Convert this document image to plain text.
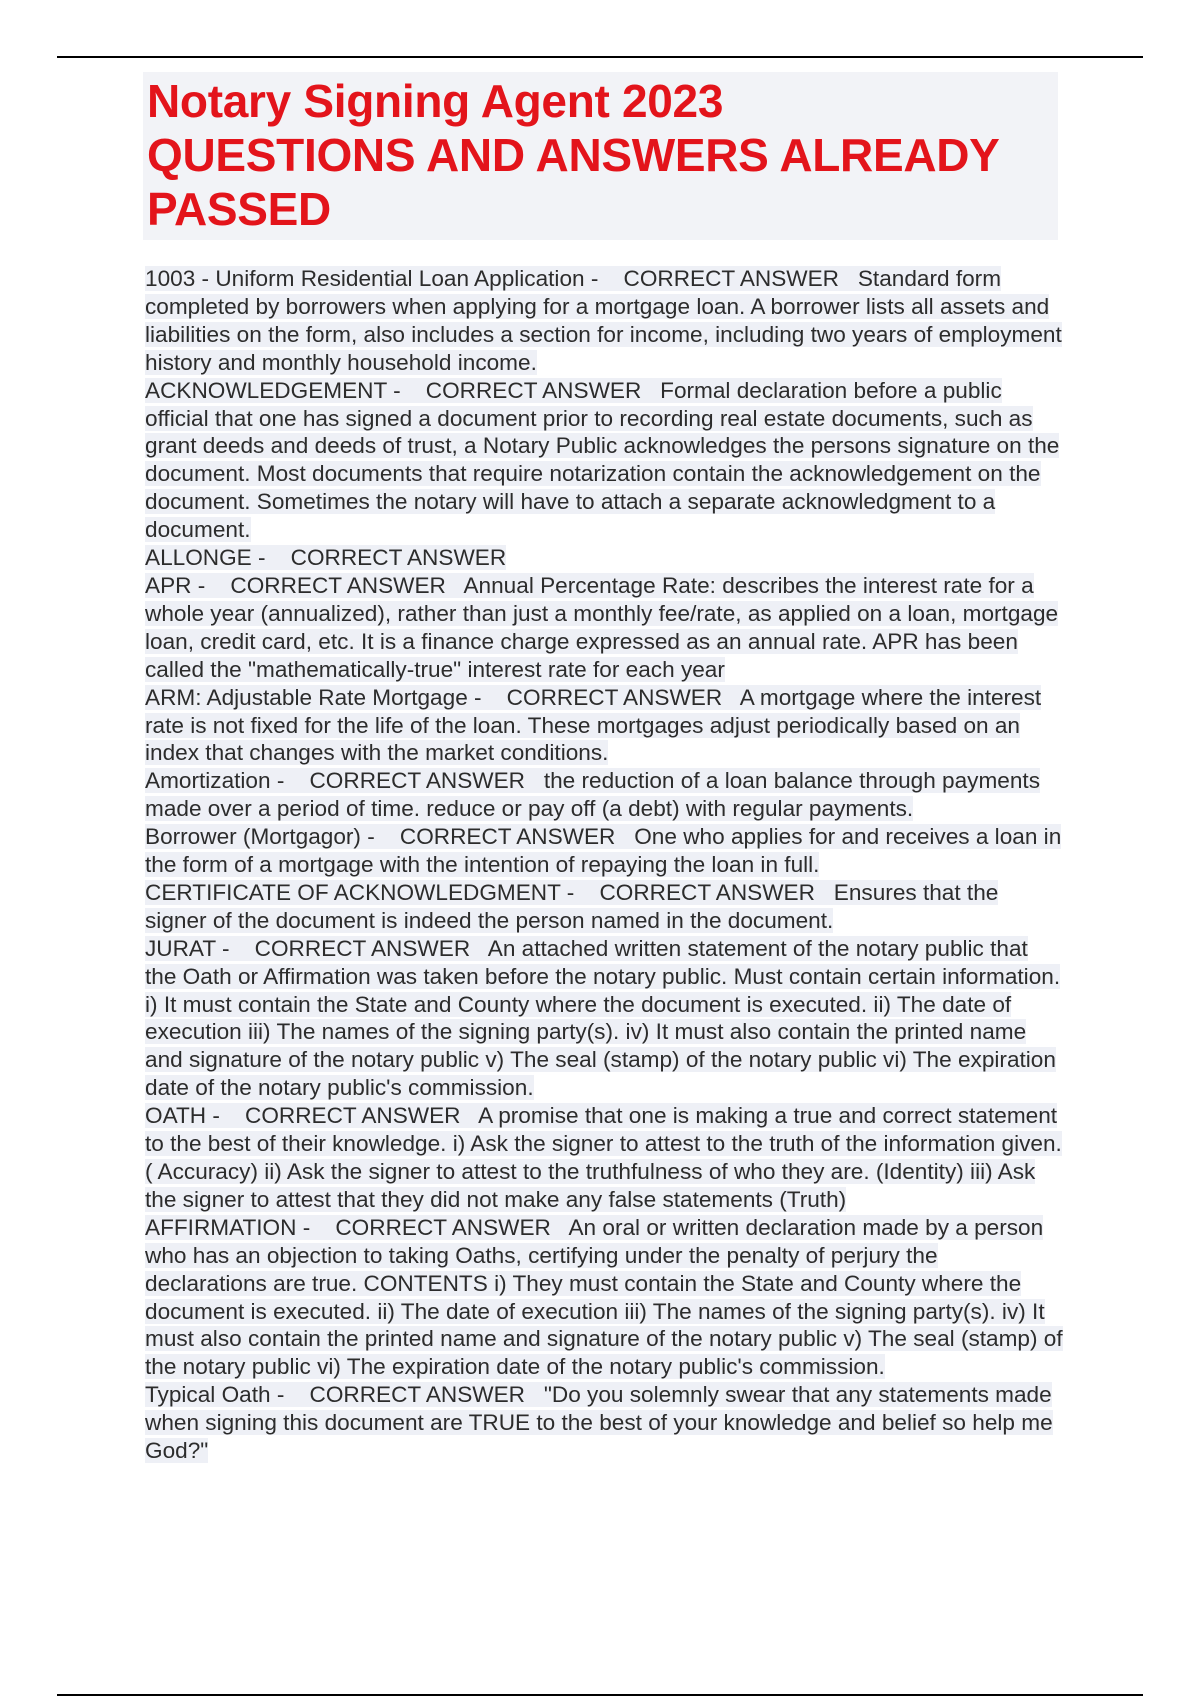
Notary Signing Agent 2023
QUESTIONS AND ANSWERS ALREADY
PASSED

1003 - Uniform Residential Loan Application - CORRECT ANSWER Standard form completed by borrowers when applying for a mortgage loan. A borrower lists all assets and liabilities on the form, also includes a section for income, including two years of employment history and monthly household income.

ACKNOWLEDGEMENT - CORRECT ANSWER Formal declaration before a public official that one has signed a document prior to recording real estate documents, such as grant deeds and deeds of trust, a Notary Public acknowledges the persons signature on the document. Most documents that require notarization contain the acknowledgement on the document. Sometimes the notary will have to attach a separate acknowledgment to a document.

ALLONGE - CORRECT ANSWER

APR - CORRECT ANSWER Annual Percentage Rate: describes the interest rate for a whole year (annualized), rather than just a monthly fee/rate, as applied on a loan, mortgage loan, credit card, etc. It is a finance charge expressed as an annual rate. APR has been called the "mathematically-true" interest rate for each year

ARM: Adjustable Rate Mortgage - CORRECT ANSWER A mortgage where the interest rate is not fixed for the life of the loan. These mortgages adjust periodically based on an index that changes with the market conditions.

Amortization - CORRECT ANSWER the reduction of a loan balance through payments made over a period of time. reduce or pay off (a debt) with regular payments.

Borrower (Mortgagor) - CORRECT ANSWER One who applies for and receives a loan in the form of a mortgage with the intention of repaying the loan in full.

CERTIFICATE OF ACKNOWLEDGMENT - CORRECT ANSWER Ensures that the signer of the document is indeed the person named in the document.

JURAT - CORRECT ANSWER An attached written statement of the notary public that the Oath or Affirmation was taken before the notary public. Must contain certain information. i) It must contain the State and County where the document is executed. ii) The date of execution iii) The names of the signing party(s). iv) It must also contain the printed name and signature of the notary public v) The seal (stamp) of the notary public vi) The expiration date of the notary public's commission.

OATH - CORRECT ANSWER A promise that one is making a true and correct statement to the best of their knowledge. i) Ask the signer to attest to the truth of the information given.( Accuracy) ii) Ask the signer to attest to the truthfulness of who they are. (Identity) iii) Ask the signer to attest that they did not make any false statements (Truth)

AFFIRMATION - CORRECT ANSWER An oral or written declaration made by a person who has an objection to taking Oaths, certifying under the penalty of perjury the declarations are true. CONTENTS i) They must contain the State and County where the document is executed. ii) The date of execution iii) The names of the signing party(s). iv) It must also contain the printed name and signature of the notary public v) The seal (stamp) of the notary public vi) The expiration date of the notary public's commission.

Typical Oath - CORRECT ANSWER "Do you solemnly swear that any statements made when signing this document are TRUE to the best of your knowledge and belief so help me God?"
